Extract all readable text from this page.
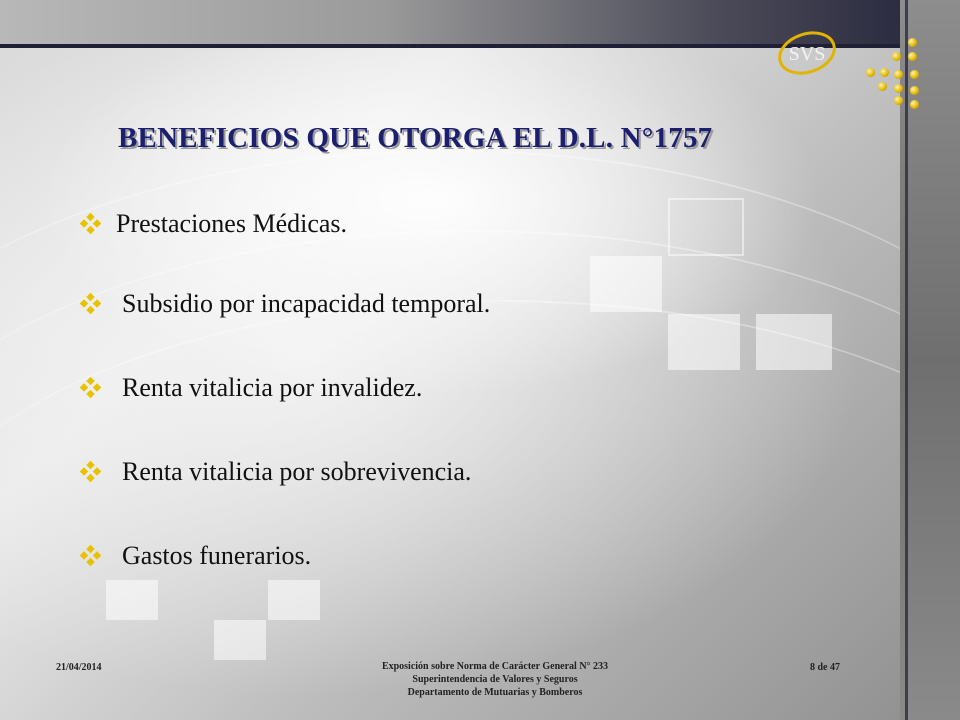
SVS
BENEFICIOS QUE OTORGA EL D.L. N°1757
Prestaciones Médicas.
Subsidio por incapacidad temporal.
Renta vitalicia por invalidez.
Renta vitalicia por sobrevivencia.
Gastos funerarios.
21/04/2014	Exposición sobre Norma de Carácter General N° 233
Superintendencia de Valores y Seguros
Departamento de Mutuarias y Bomberos
8 de 47
